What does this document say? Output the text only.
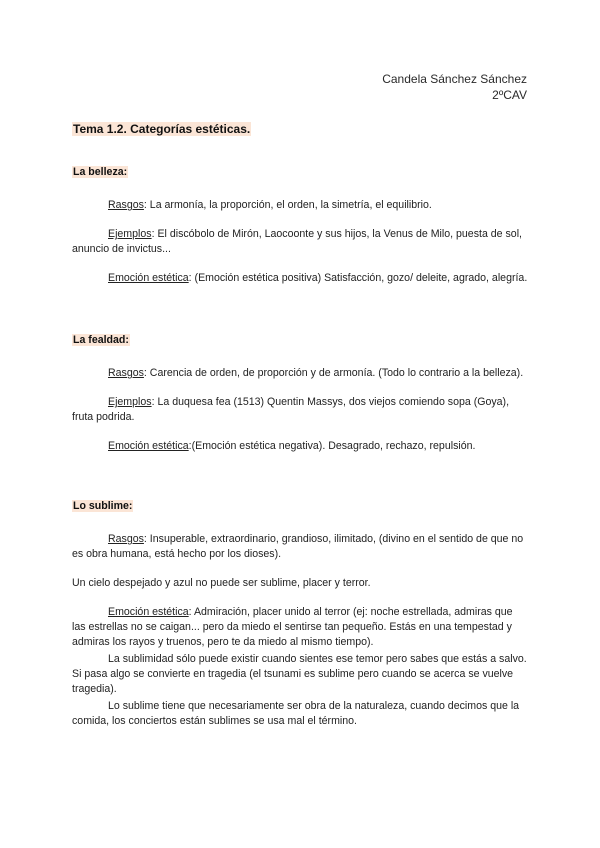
Candela Sánchez Sánchez
2ºCAV
Tema 1.2. Categorías estéticas.
La belleza:

Rasgos: La armonía, la proporción, el orden, la simetría, el equilibrio.

Ejemplos: El discóbolo de Mirón, Laocoonte y sus hijos, la Venus de Milo, puesta de sol, anuncio de invictus...

Emoción estética: (Emoción estética positiva) Satisfacción, gozo/ deleite, agrado, alegría.

La fealdad:

Rasgos: Carencia de orden, de proporción y de armonía. (Todo lo contrario a la belleza).

Ejemplos: La duquesa fea (1513) Quentin Massys, dos viejos comiendo sopa (Goya), fruta podrida.

Emoción estética:(Emoción estética negativa). Desagrado, rechazo, repulsión.

Lo sublime:

Rasgos: Insuperable, extraordinario, grandioso, ilimitado, (divino en el sentido de que no es obra humana, está hecho por los dioses).

Un cielo despejado y azul no puede ser sublime, placer y terror.

Emoción estética: Admiración, placer unido al terror (ej: noche estrellada, admiras que las estrellas no se caigan... pero da miedo el sentirse tan pequeño. Estás en una tempestad y admiras los rayos y truenos, pero te da miedo al mismo tiempo).

La sublimidad sólo puede existir cuando sientes ese temor pero sabes que estás a salvo. Si pasa algo se convierte en tragedia (el tsunami es sublime pero cuando se acerca se vuelve tragedia).

Lo sublime tiene que necesariamente ser obra de la naturaleza, cuando decimos que la comida, los conciertos están sublimes se usa mal el término.
